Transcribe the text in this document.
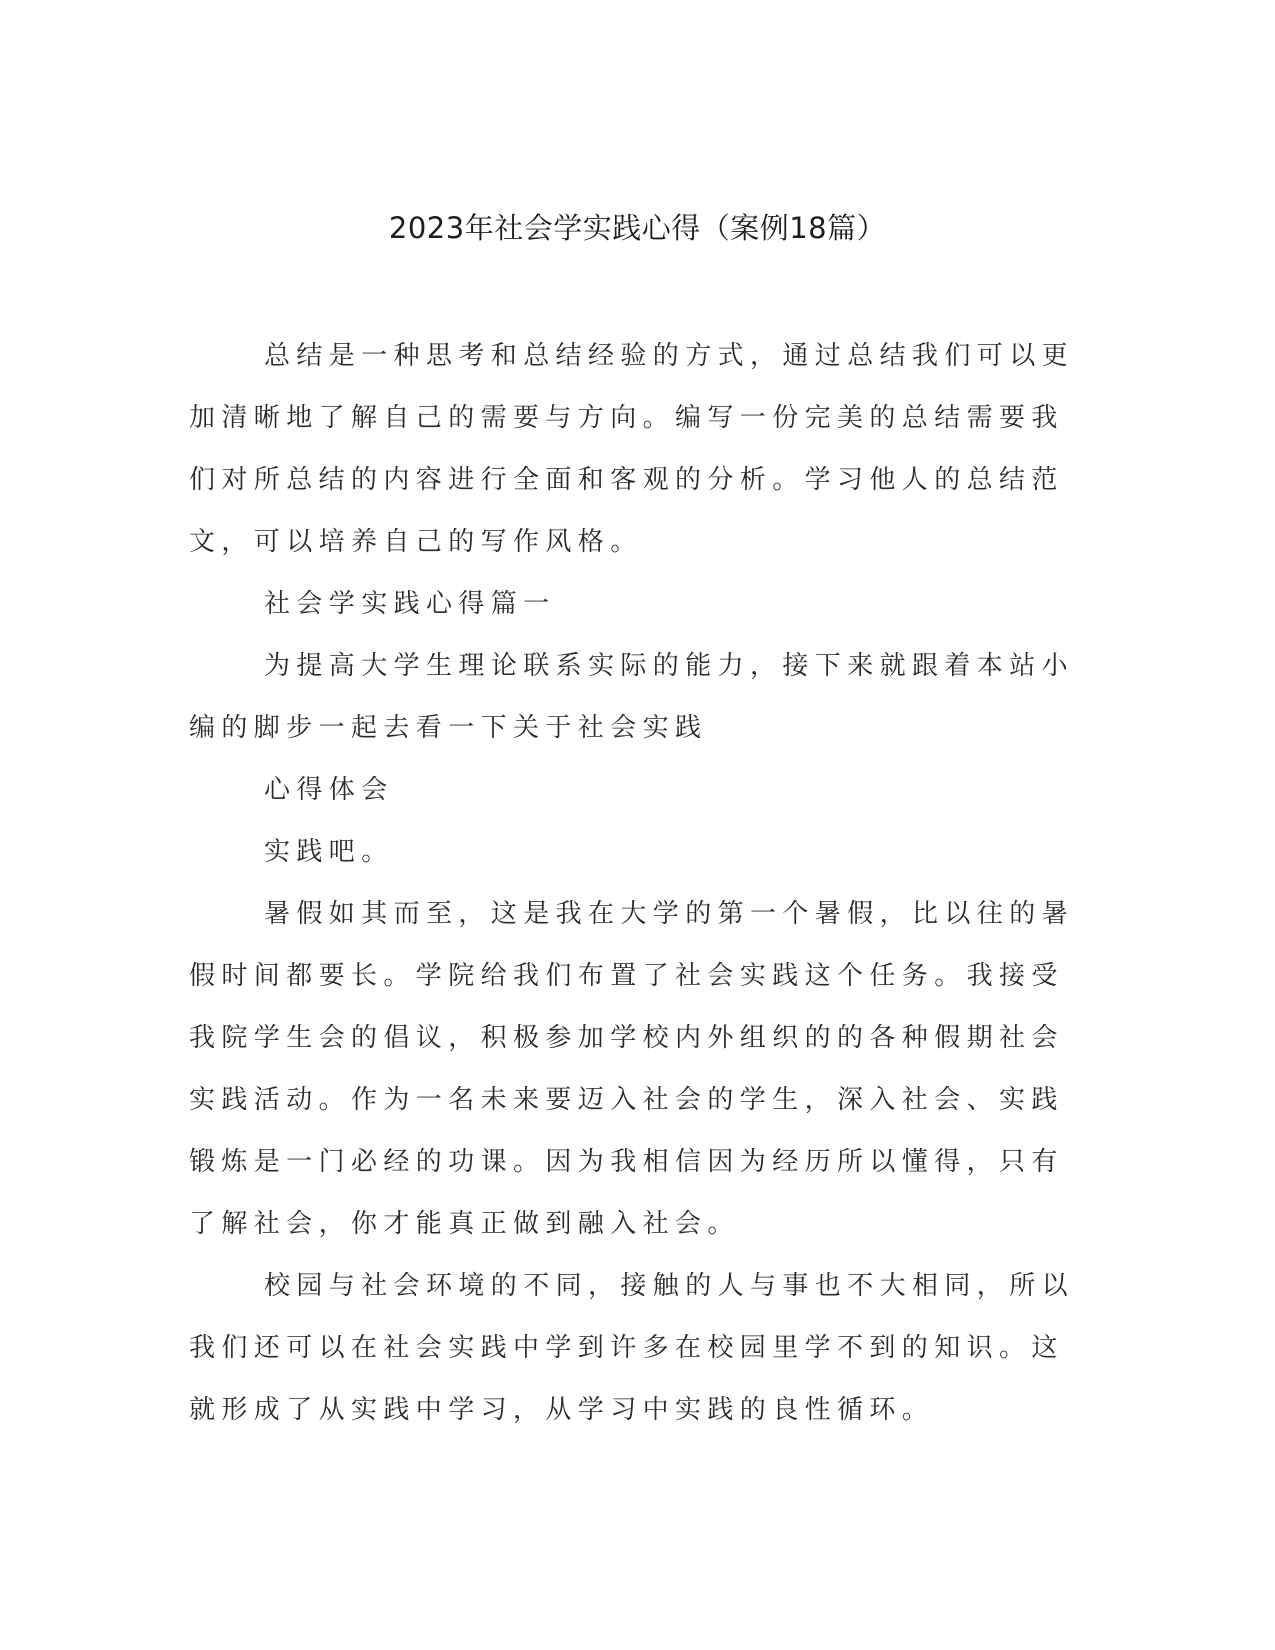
2023年社会学实践心得（案例18篇）

总结是一种思考和总结经验的方式，通过总结我们可以更加清晰地了解自己的需要与方向。编写一份完美的总结需要我们对所总结的内容进行全面和客观的分析。学习他人的总结范文，可以培养自己的写作风格。

社会学实践心得篇一

为提高大学生理论联系实际的能力，接下来就跟着本站小编的脚步一起去看一下关于社会实践

心得体会

实践吧。

暑假如其而至，这是我在大学的第一个暑假，比以往的暑假时间都要长。学院给我们布置了社会实践这个任务。我接受我院学生会的倡议，积极参加学校内外组织的的各种假期社会实践活动。作为一名未来要迈入社会的学生，深入社会、实践锻炼是一门必经的功课。因为我相信因为经历所以懂得，只有了解社会，你才能真正做到融入社会。

校园与社会环境的不同，接触的人与事也不大相同，所以我们还可以在社会实践中学到许多在校园里学不到的知识。这就形成了从实践中学习，从学习中实践的良性循环。
